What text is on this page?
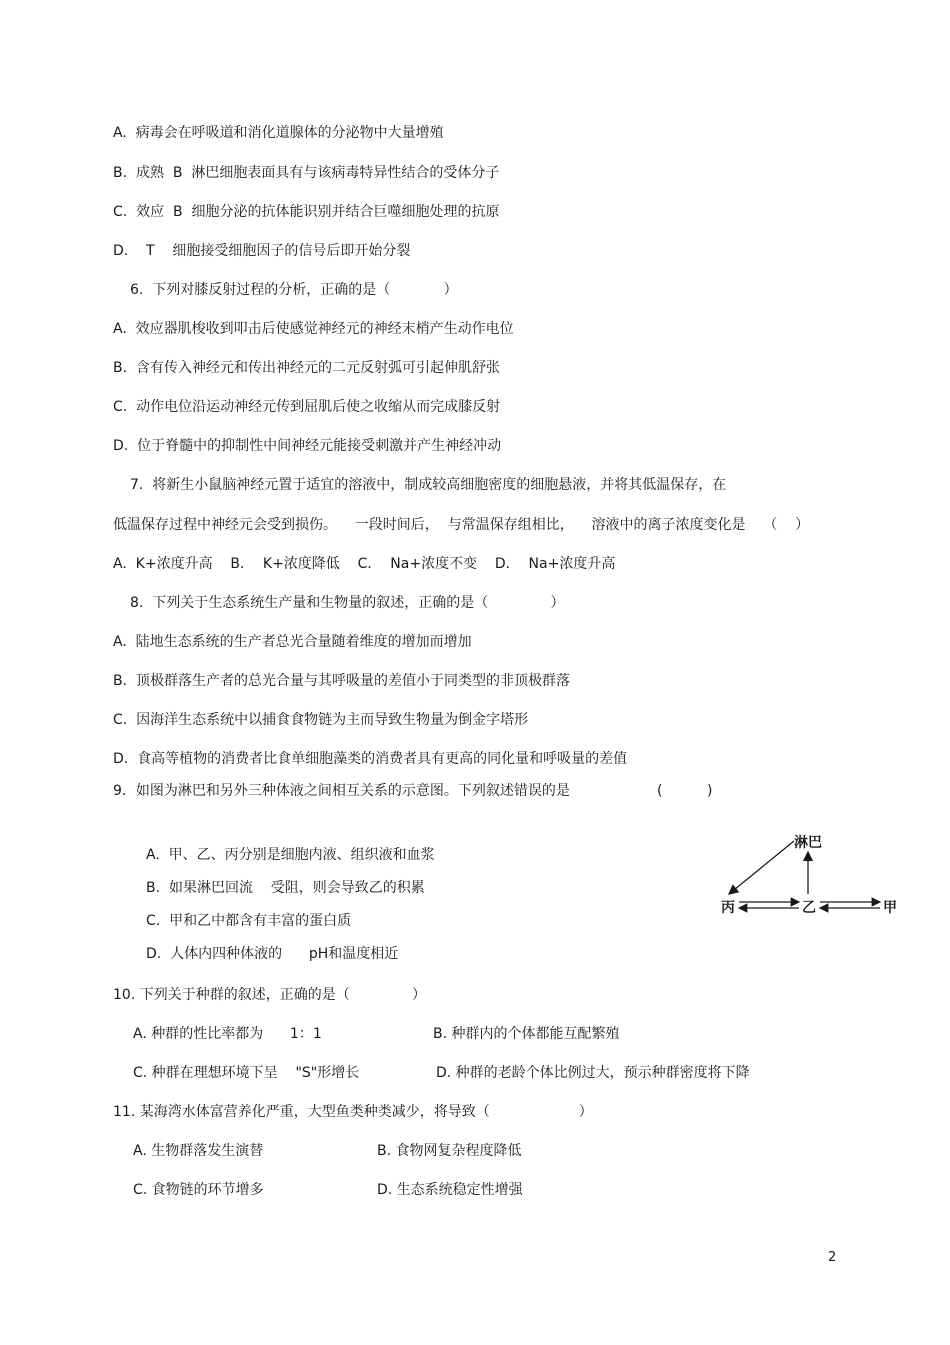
A.  病毒会在呼吸道和消化道腺体的分泌物中大量增殖
B.  成熟  B  淋巴细胞表面具有与该病毒特异性结合的受体分子
C.  效应  B  细胞分泌的抗体能识别并结合巨噬细胞处理的抗原
D.    T    细胞接受细胞因子的信号后即开始分裂
6.  下列对膝反射过程的分析，正确的是（            ）
A.  效应器肌梭收到叩击后使感觉神经元的神经末梢产生动作电位
B.  含有传入神经元和传出神经元的二元反射弧可引起伸肌舒张
C.  动作电位沿运动神经元传到屈肌后使之收缩从而完成膝反射
D.  位于脊髓中的抑制性中间神经元能接受刺激并产生神经冲动
7.  将新生小鼠脑神经元置于适宜的溶液中，制成较高细胞密度的细胞悬液，并将其低温保存，在
低温保存过程中神经元会受到损伤。    一段时间后，  与常温保存组相比，    溶液中的离子浓度变化是    （    ）
A.  K+浓度升高    B．  K+浓度降低    C．  Na+浓度不变    D．  Na+浓度升高
8.  下列关于生态系统生产量和生物量的叙述，正确的是（              ）
A.  陆地生态系统的生产者总光合量随着维度的增加而增加
B.  顶极群落生产者的总光合量与其呼吸量的差值小于同类型的非顶极群落
C.  因海洋生态系统中以捕食食物链为主而导致生物量为倒金字塔形
D.  食高等植物的消费者比食单细胞藻类的消费者具有更高的同化量和呼吸量的差值
9．如图为淋巴和另外三种体液之间相互关系的示意图。下列叙述错误的是	(          )
A.  甲、乙、丙分别是细胞内液、组织液和血浆
B.  如果淋巴回流    受阻，则会导致乙的积累
C.  甲和乙中都含有丰富的蛋白质
D.  人体内四种体液的      pH和温度相近
淋巴
丙	乙	甲
10. 下列关于种群的叙述，正确的是（              ）
A. 种群的性比率都为      1：1	B. 种群内的个体都能互配繁殖
C. 种群在理想环境下呈    "S"形增长	D. 种群的老龄个体比例过大，预示种群密度将下降
11. 某海湾水体富营养化严重，大型鱼类种类减少，将导致（                    ）
A. 生物群落发生演替	B. 食物网复杂程度降低
C. 食物链的环节增多	D. 生态系统稳定性增强
2
